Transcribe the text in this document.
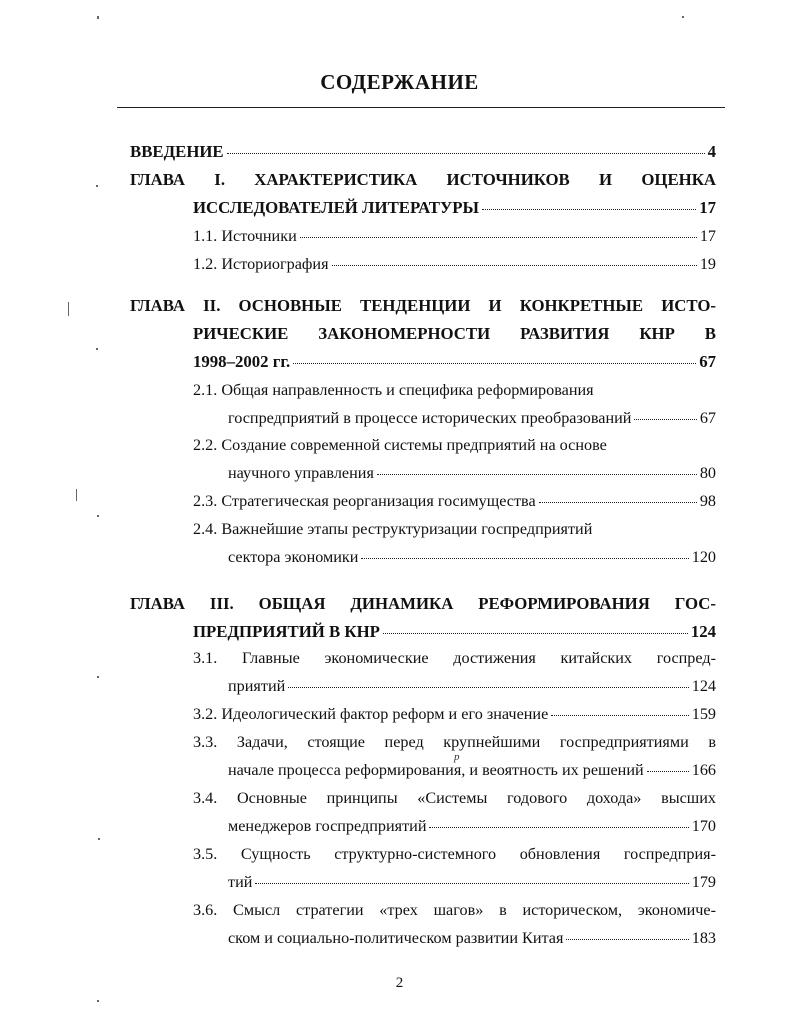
СОДЕРЖАНИЕ
ВВЕДЕНИЕ	4
ГЛАВА I. ХАРАКТЕРИСТИКА ИСТОЧНИКОВ И ОЦЕНКА
ИССЛЕДОВАТЕЛЕЙ ЛИТЕРАТУРЫ	17
1.1. Источники	17
1.2. Историография	19
ГЛАВА II. ОСНОВНЫЕ ТЕНДЕНЦИИ И КОНКРЕТНЫЕ ИСТО-
РИЧЕСКИЕ ЗАКОНОМЕРНОСТИ РАЗВИТИЯ КНР В
1998–2002 гг.	67
2.1. Общая направленность и специфика реформирования
госпредприятий в процессе исторических преобразований	67
2.2. Создание современной системы предприятий на основе
научного управления	80
2.3. Стратегическая реорганизация госимущества	98
2.4. Важнейшие этапы реструктуризации госпредприятий
сектора экономики	120
ГЛАВА III. ОБЩАЯ ДИНАМИКА РЕФОРМИРОВАНИЯ ГОС-
ПРЕДПРИЯТИЙ В КНР	124
3.1. Главные экономические достижения китайских госпред-
приятий	124
3.2. Идеологический фактор реформ и его значение	159
3.3. Задачи, стоящие перед крупнейшими госпредприятиями в
начале процесса реформирования, и веоятность их решений	166
3.4. Основные принципы «Системы годового дохода» высших
менеджеров госпредприятий	170
3.5. Сущность структурно-системного обновления госпредприя-
тий	179
3.6. Смысл стратегии «трех шагов» в историческом, экономиче-
ском и социально-политическом развитии Китая	183
р
2
